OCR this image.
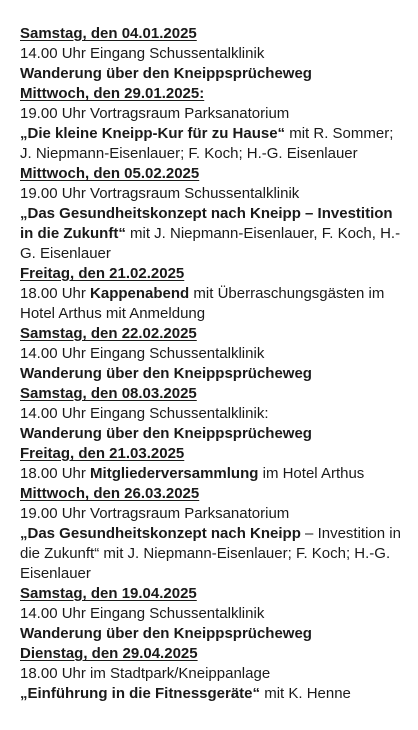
Samstag, den 04.01.2025
14.00 Uhr Eingang Schussentalklinik
Wanderung über den Kneippsprücheweg
Mittwoch, den 29.01.2025:
19.00 Uhr Vortragsraum Parksanatorium
„Die kleine Kneipp-Kur für zu Hause“ mit R. Sommer; J. Niepmann-Eisenlauer; F. Koch; H.-G. Eisenlauer
Mittwoch, den 05.02.2025
19.00 Uhr Vortragsraum Schussentalklinik
„Das Gesundheitskonzept nach Kneipp – Investition in die Zukunft“ mit J. Niepmann-Eisenlauer, F. Koch, H.-G. Eisenlauer
Freitag, den 21.02.2025
18.00 Uhr Kappenabend mit Überraschungsgästen im Hotel Arthus mit Anmeldung
Samstag, den 22.02.2025
14.00 Uhr Eingang Schussentalklinik
Wanderung über den Kneippsprücheweg
Samstag, den 08.03.2025
14.00 Uhr Eingang Schussentalklinik:
Wanderung über den Kneippsprücheweg
Freitag, den 21.03.2025
18.00 Uhr Mitgliederversammlung im Hotel Arthus
Mittwoch, den 26.03.2025
19.00 Uhr Vortragsraum Parksanatorium
„Das Gesundheitskonzept nach Kneipp – Investition in die Zukunft“ mit J. Niepmann-Eisenlauer; F. Koch; H.-G. Eisenlauer
Samstag, den 19.04.2025
14.00 Uhr Eingang Schussentalklinik
Wanderung über den Kneippsprücheweg
Dienstag, den 29.04.2025
18.00 Uhr im Stadtpark/Kneippanlage
„Einführung in die Fitnessgeräte“ mit K. Henne
